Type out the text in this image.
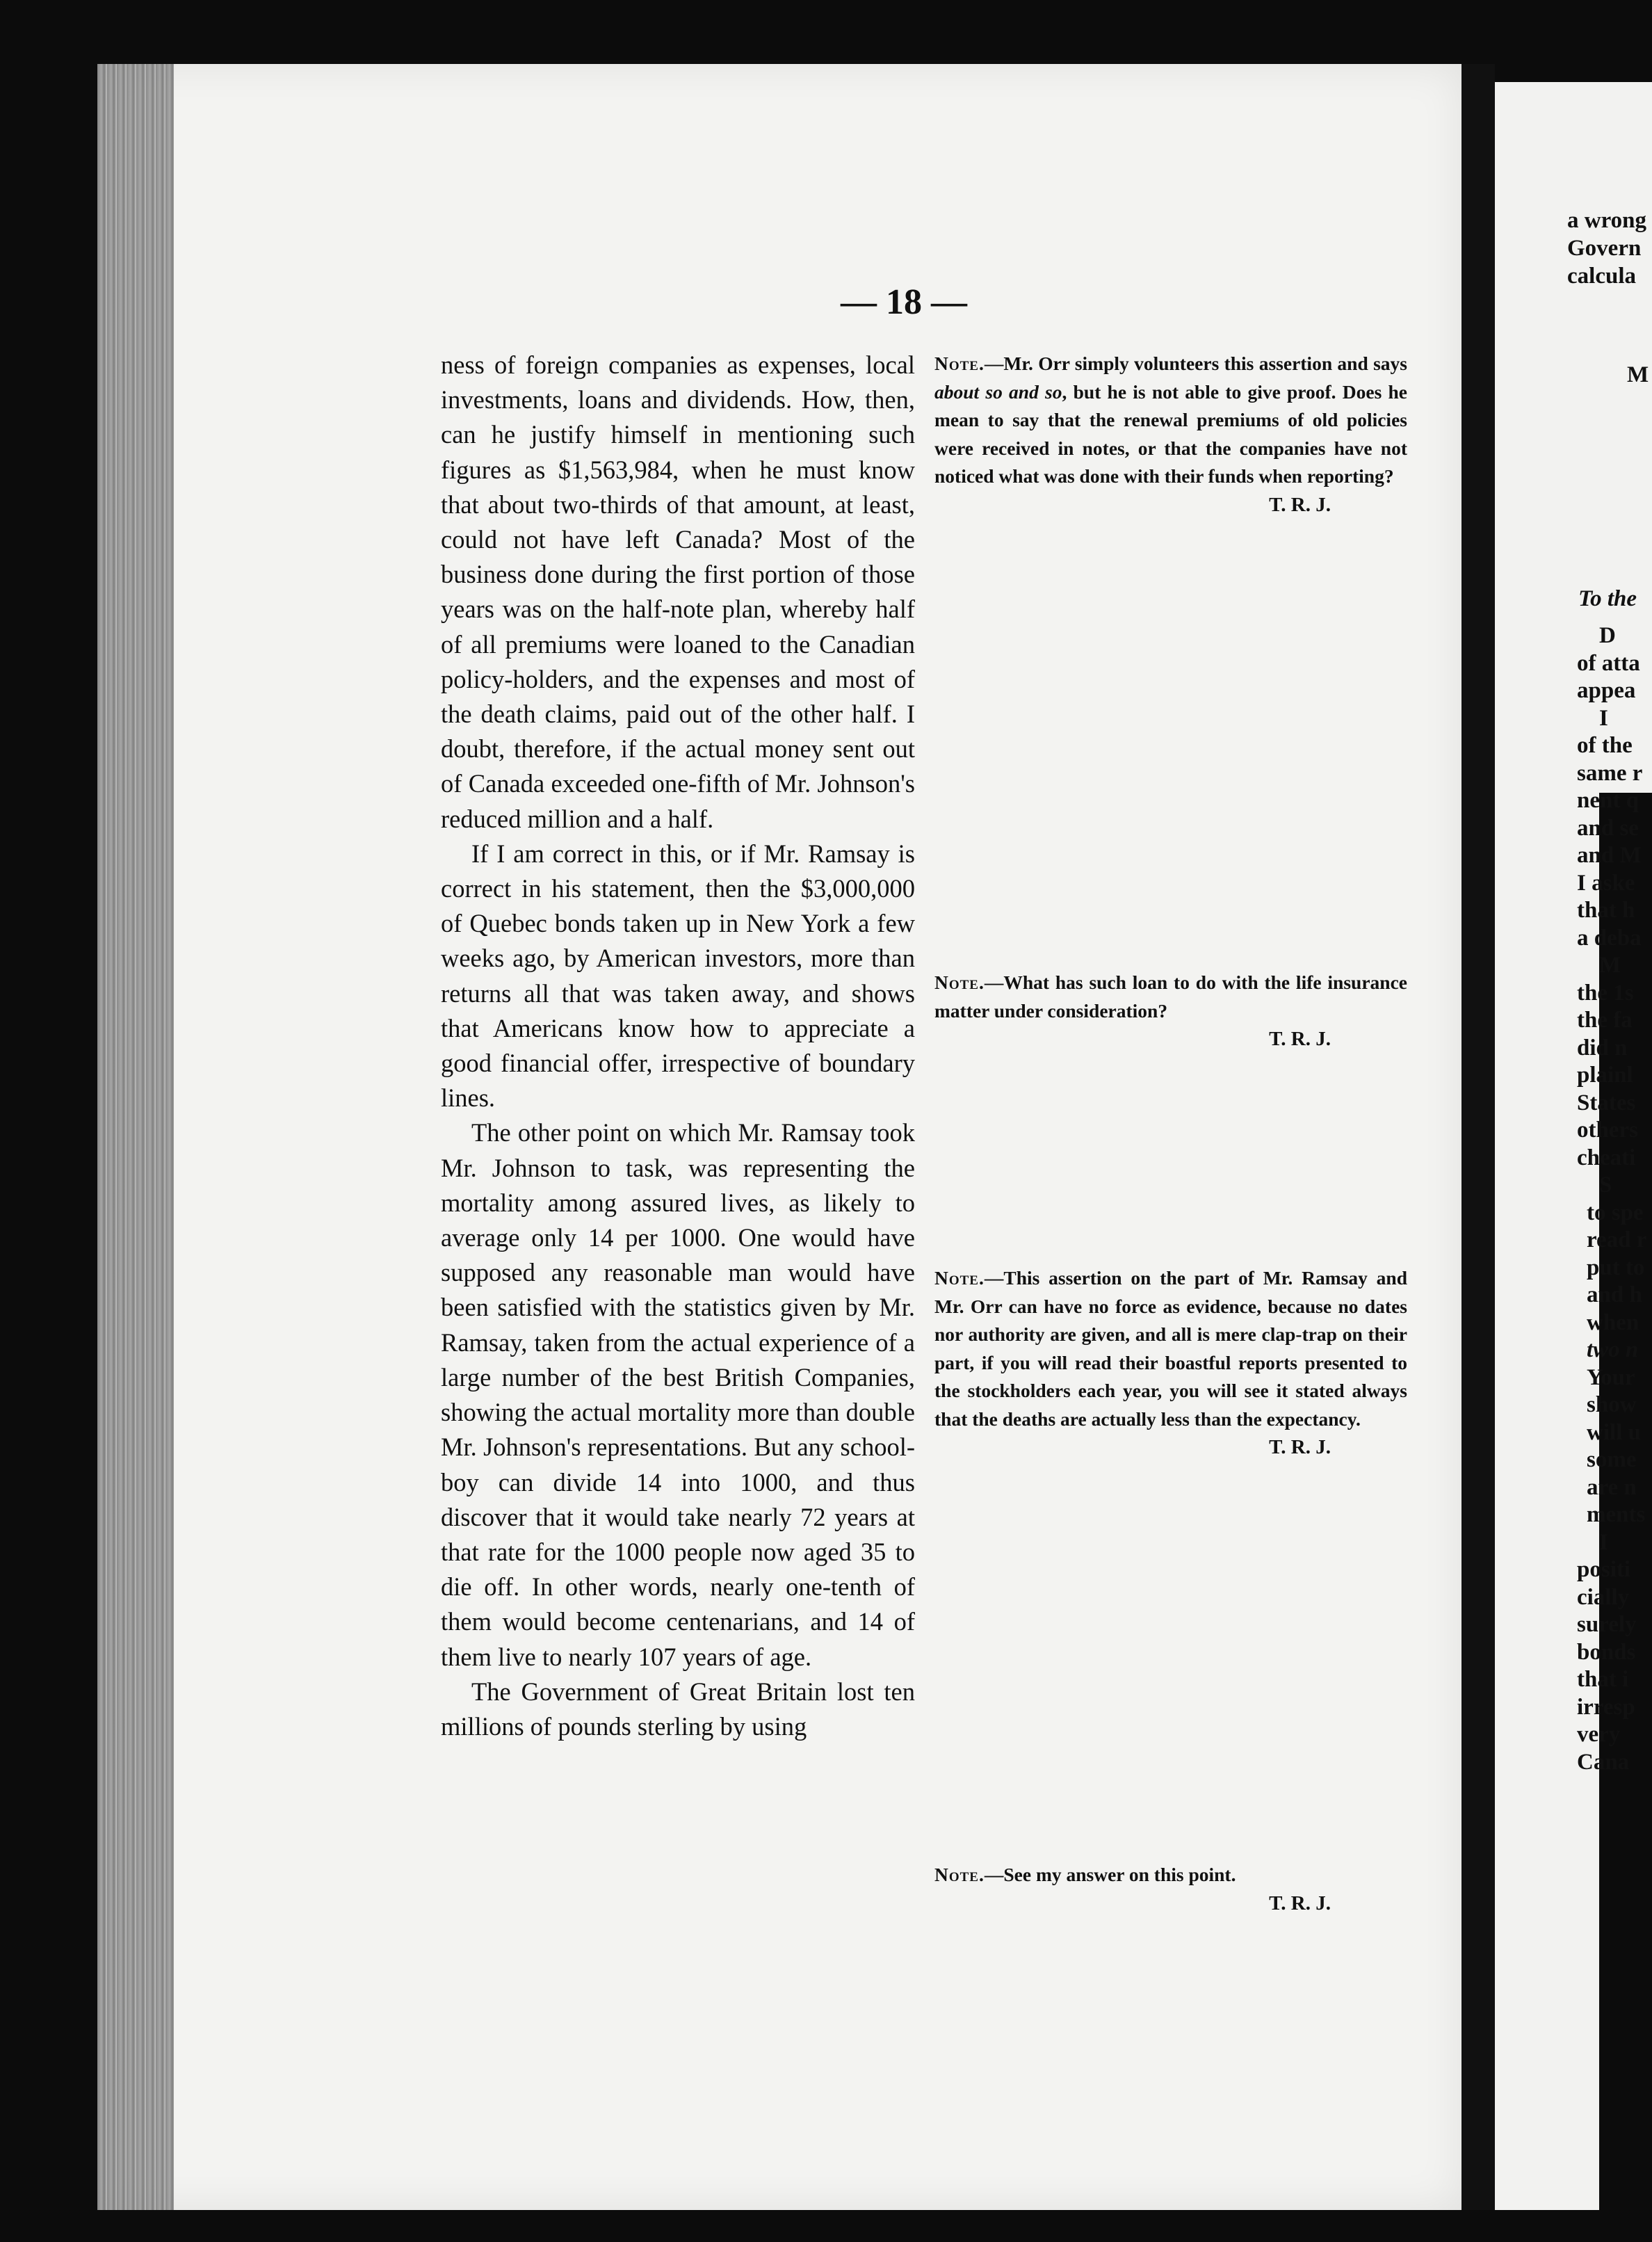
— 18 —

ness of foreign companies as expenses, local investments, loans and dividends. How, then, can he justify himself in mentioning such figures as $1,563,984, when he must know that about two-thirds of that amount, at least, could not have left Canada? Most of the business done during the first portion of those years was on the half-note plan, whereby half of all premiums were loaned to the Canadian policy-holders, and the expenses and most of the death claims, paid out of the other half. I doubt, therefore, if the actual money sent out of Canada exceeded one-fifth of Mr. Johnson's reduced million and a half.

If I am correct in this, or if Mr. Ramsay is correct in his statement, then the $3,000,000 of Quebec bonds taken up in New York a few weeks ago, by American investors, more than returns all that was taken away, and shows that Americans know how to appreciate a good financial offer, irrespective of boundary lines.

The other point on which Mr. Ramsay took Mr. Johnson to task, was representing the mortality among assured lives, as likely to average only 14 per 1000. One would have supposed any reasonable man would have been satisfied with the statistics given by Mr. Ramsay, taken from the actual experience of a large number of the best British Companies, showing the actual mortality more than double Mr. Johnson's representations. But any school-boy can divide 14 into 1000, and thus discover that it would take nearly 72 years at that rate for the 1000 people now aged 35 to die off. In other words, nearly one-tenth of them would become centenarians, and 14 of them live to nearly 107 years of age.

The Government of Great Britain lost ten millions of pounds sterling by using

Note.—Mr. Orr simply volunteers this assertion and says about so and so, but he is not able to give proof. Does he mean to say that the renewal premiums of old policies were received in notes, or that the companies have not noticed what was done with their funds when reporting?
T. R. J.
Note.—What has such loan to do with the life insurance matter under consideration?
T. R. J.
Note.—This assertion on the part of Mr. Ramsay and Mr. Orr can have no force as evidence, because no dates nor authority are given, and all is mere clap-trap on their part, if you will read their boastful reports presented to the stockholders each year, you will see it stated always that the deaths are actually less than the expectancy.
T. R. J.
Note.—See my answer on this point.
T. R. J.
a wrong
Govern
calcula
M
To the
D
of atta
appea
I
of the
same r
nent q
and se
and M
I aske
that h
a deba
M
the 1s
the fa
did n
plainl
States
others
cheati
S
to spe
read r
put to
and h
when
two n
Your
show
will u
some
are n
ments
I
positi
cially
surely
bonds
that i
irresp
very
Cana
